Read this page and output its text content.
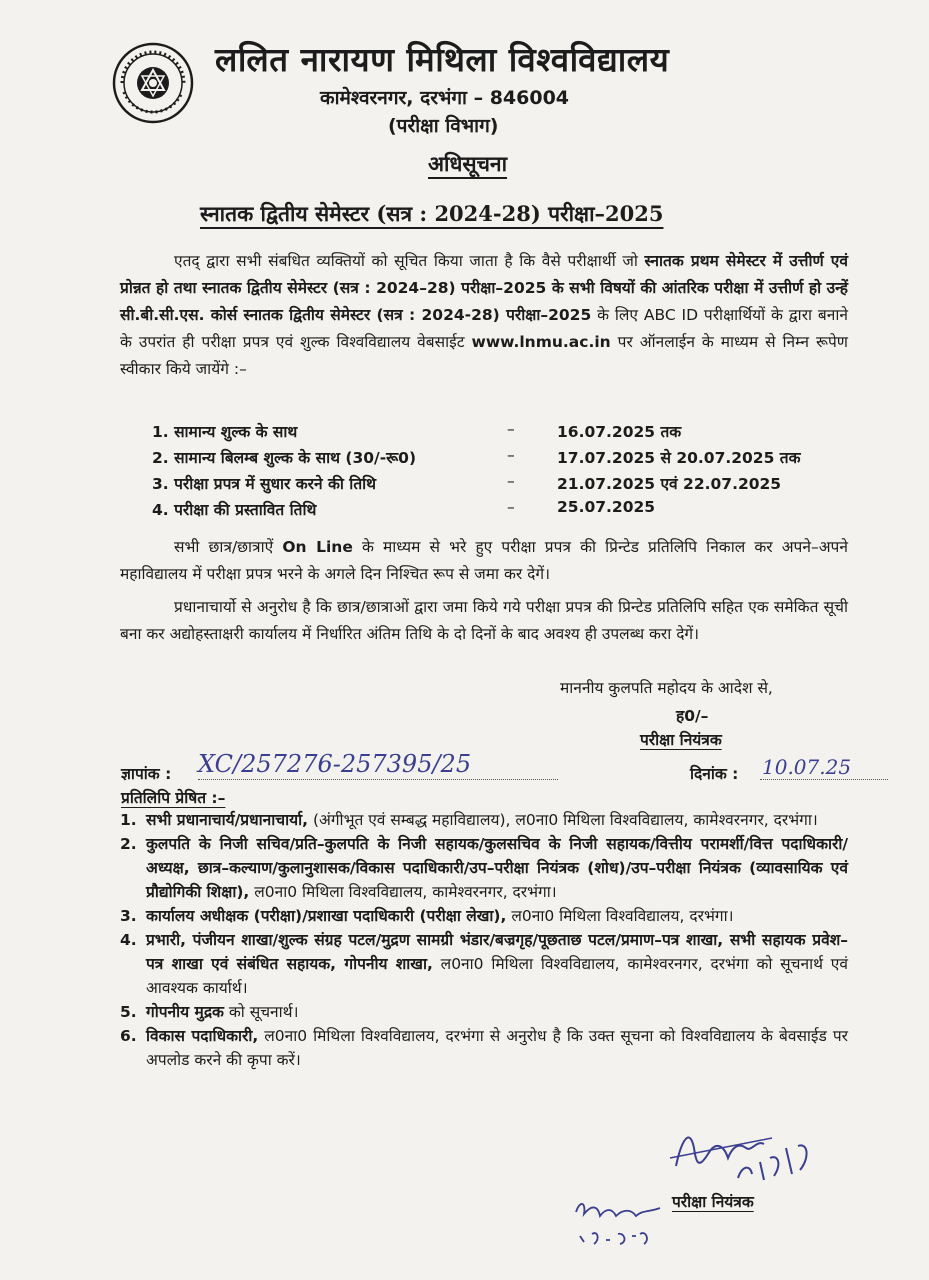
ललित नारायण मिथिला विश्वविद्यालय
कामेश्वरनगर, दरभंगा – 846004
(परीक्षा विभाग)
अधिसूचना
स्नातक द्वितीय सेमेस्टर (सत्र : 2024-28) परीक्षा–2025
एतद् द्वारा सभी संबधित व्यक्तियों को सूचित किया जाता है कि वैसे परीक्षार्थी जो स्नातक प्रथम सेमेस्टर में उत्तीर्ण एवं प्रोन्नत हो तथा स्नातक द्वितीय सेमेस्टर (सत्र : 2024–28) परीक्षा–2025 के सभी विषयों की आंतरिक परीक्षा में उत्तीर्ण हो उन्हें सी.बी.सी.एस. कोर्स स्नातक द्वितीय सेमेस्टर (सत्र : 2024-28) परीक्षा–2025 के लिए ABC ID परीक्षार्थियों के द्वारा बनाने के उपरांत ही परीक्षा प्रपत्र एवं शुल्क विश्वविद्यालय वेबसाईट www.lnmu.ac.in पर ऑनलाईन के माध्यम से निम्न रूपेण स्वीकार किये जायेंगे :–
1. सामान्य शुल्क के साथ	–	16.07.2025 तक
2. सामान्य बिलम्ब शुल्क के साथ (30/-रू0)	–	17.07.2025 से 20.07.2025 तक
3. परीक्षा प्रपत्र में सुधार करने की तिथि	–	21.07.2025 एवं 22.07.2025
4. परीक्षा की प्रस्तावित तिथि	–	25.07.2025
सभी छात्र/छात्राऐं On Line के माध्यम से भरे हुए परीक्षा प्रपत्र की प्रिन्टेड प्रतिलिपि निकाल कर अपने–अपने महाविद्यालय में परीक्षा प्रपत्र भरने के अगले दिन निश्चित रूप से जमा कर देगें।
प्रधानाचार्यो से अनुरोध है कि छात्र/छात्राओं द्वारा जमा किये गये परीक्षा प्रपत्र की प्रिन्टेड प्रतिलिपि सहित एक समेकित सूची बना कर अद्योहस्ताक्षरी कार्यालय में निर्धारित अंतिम तिथि के दो दिनों के बाद अवश्य ही उपलब्ध करा देगें।
माननीय कुलपति महोदय के आदेश से,
ह0/–
परीक्षा नियंत्रक
ज्ञापांक : XC/257276-257395/25	दिनांक : 10.07.25
प्रतिलिपि प्रेषित :–
1. सभी प्रधानाचार्य/प्रधानाचार्या, (अंगीभूत एवं सम्बद्ध महाविद्यालय), ल0ना0 मिथिला विश्वविद्यालय, कामेश्वरनगर, दरभंगा।
2. कुलपति के निजी सचिव/प्रति–कुलपति के निजी सहायक/कुलसचिव के निजी सहायक/वित्तीय परामर्शी/वित्त पदाधिकारी/अध्यक्ष, छात्र–कल्याण/कुलानुशासक/विकास पदाधिकारी/उप–परीक्षा नियंत्रक (शोध)/उप–परीक्षा नियंत्रक (व्यावसायिक एवं प्रौद्योगिकी शिक्षा), ल0ना0 मिथिला विश्वविद्यालय, कामेश्वरनगर, दरभंगा।
3. कार्यालय अधीक्षक (परीक्षा)/प्रशाखा पदाधिकारी (परीक्षा लेखा), ल0ना0 मिथिला विश्वविद्यालय, दरभंगा।
4. प्रभारी, पंजीयन शाखा/शुल्क संग्रह पटल/मुद्रण सामग्री भंडार/बज्रगृह/पूछताछ पटल/प्रमाण–पत्र शाखा, सभी सहायक प्रवेश–पत्र शाखा एवं संबंधित सहायक, गोपनीय शाखा, ल0ना0 मिथिला विश्वविद्यालय, कामेश्वरनगर, दरभंगा को सूचनार्थ एवं आवश्यक कार्यार्थ।
5. गोपनीय मुद्रक को सूचनार्थ।
6. विकास पदाधिकारी, ल0ना0 मिथिला विश्वविद्यालय, दरभंगा से अनुरोध है कि उक्त सूचना को विश्वविद्यालय के बेवसाईड पर अपलोड करने की कृपा करें।
परीक्षा नियंत्रक
